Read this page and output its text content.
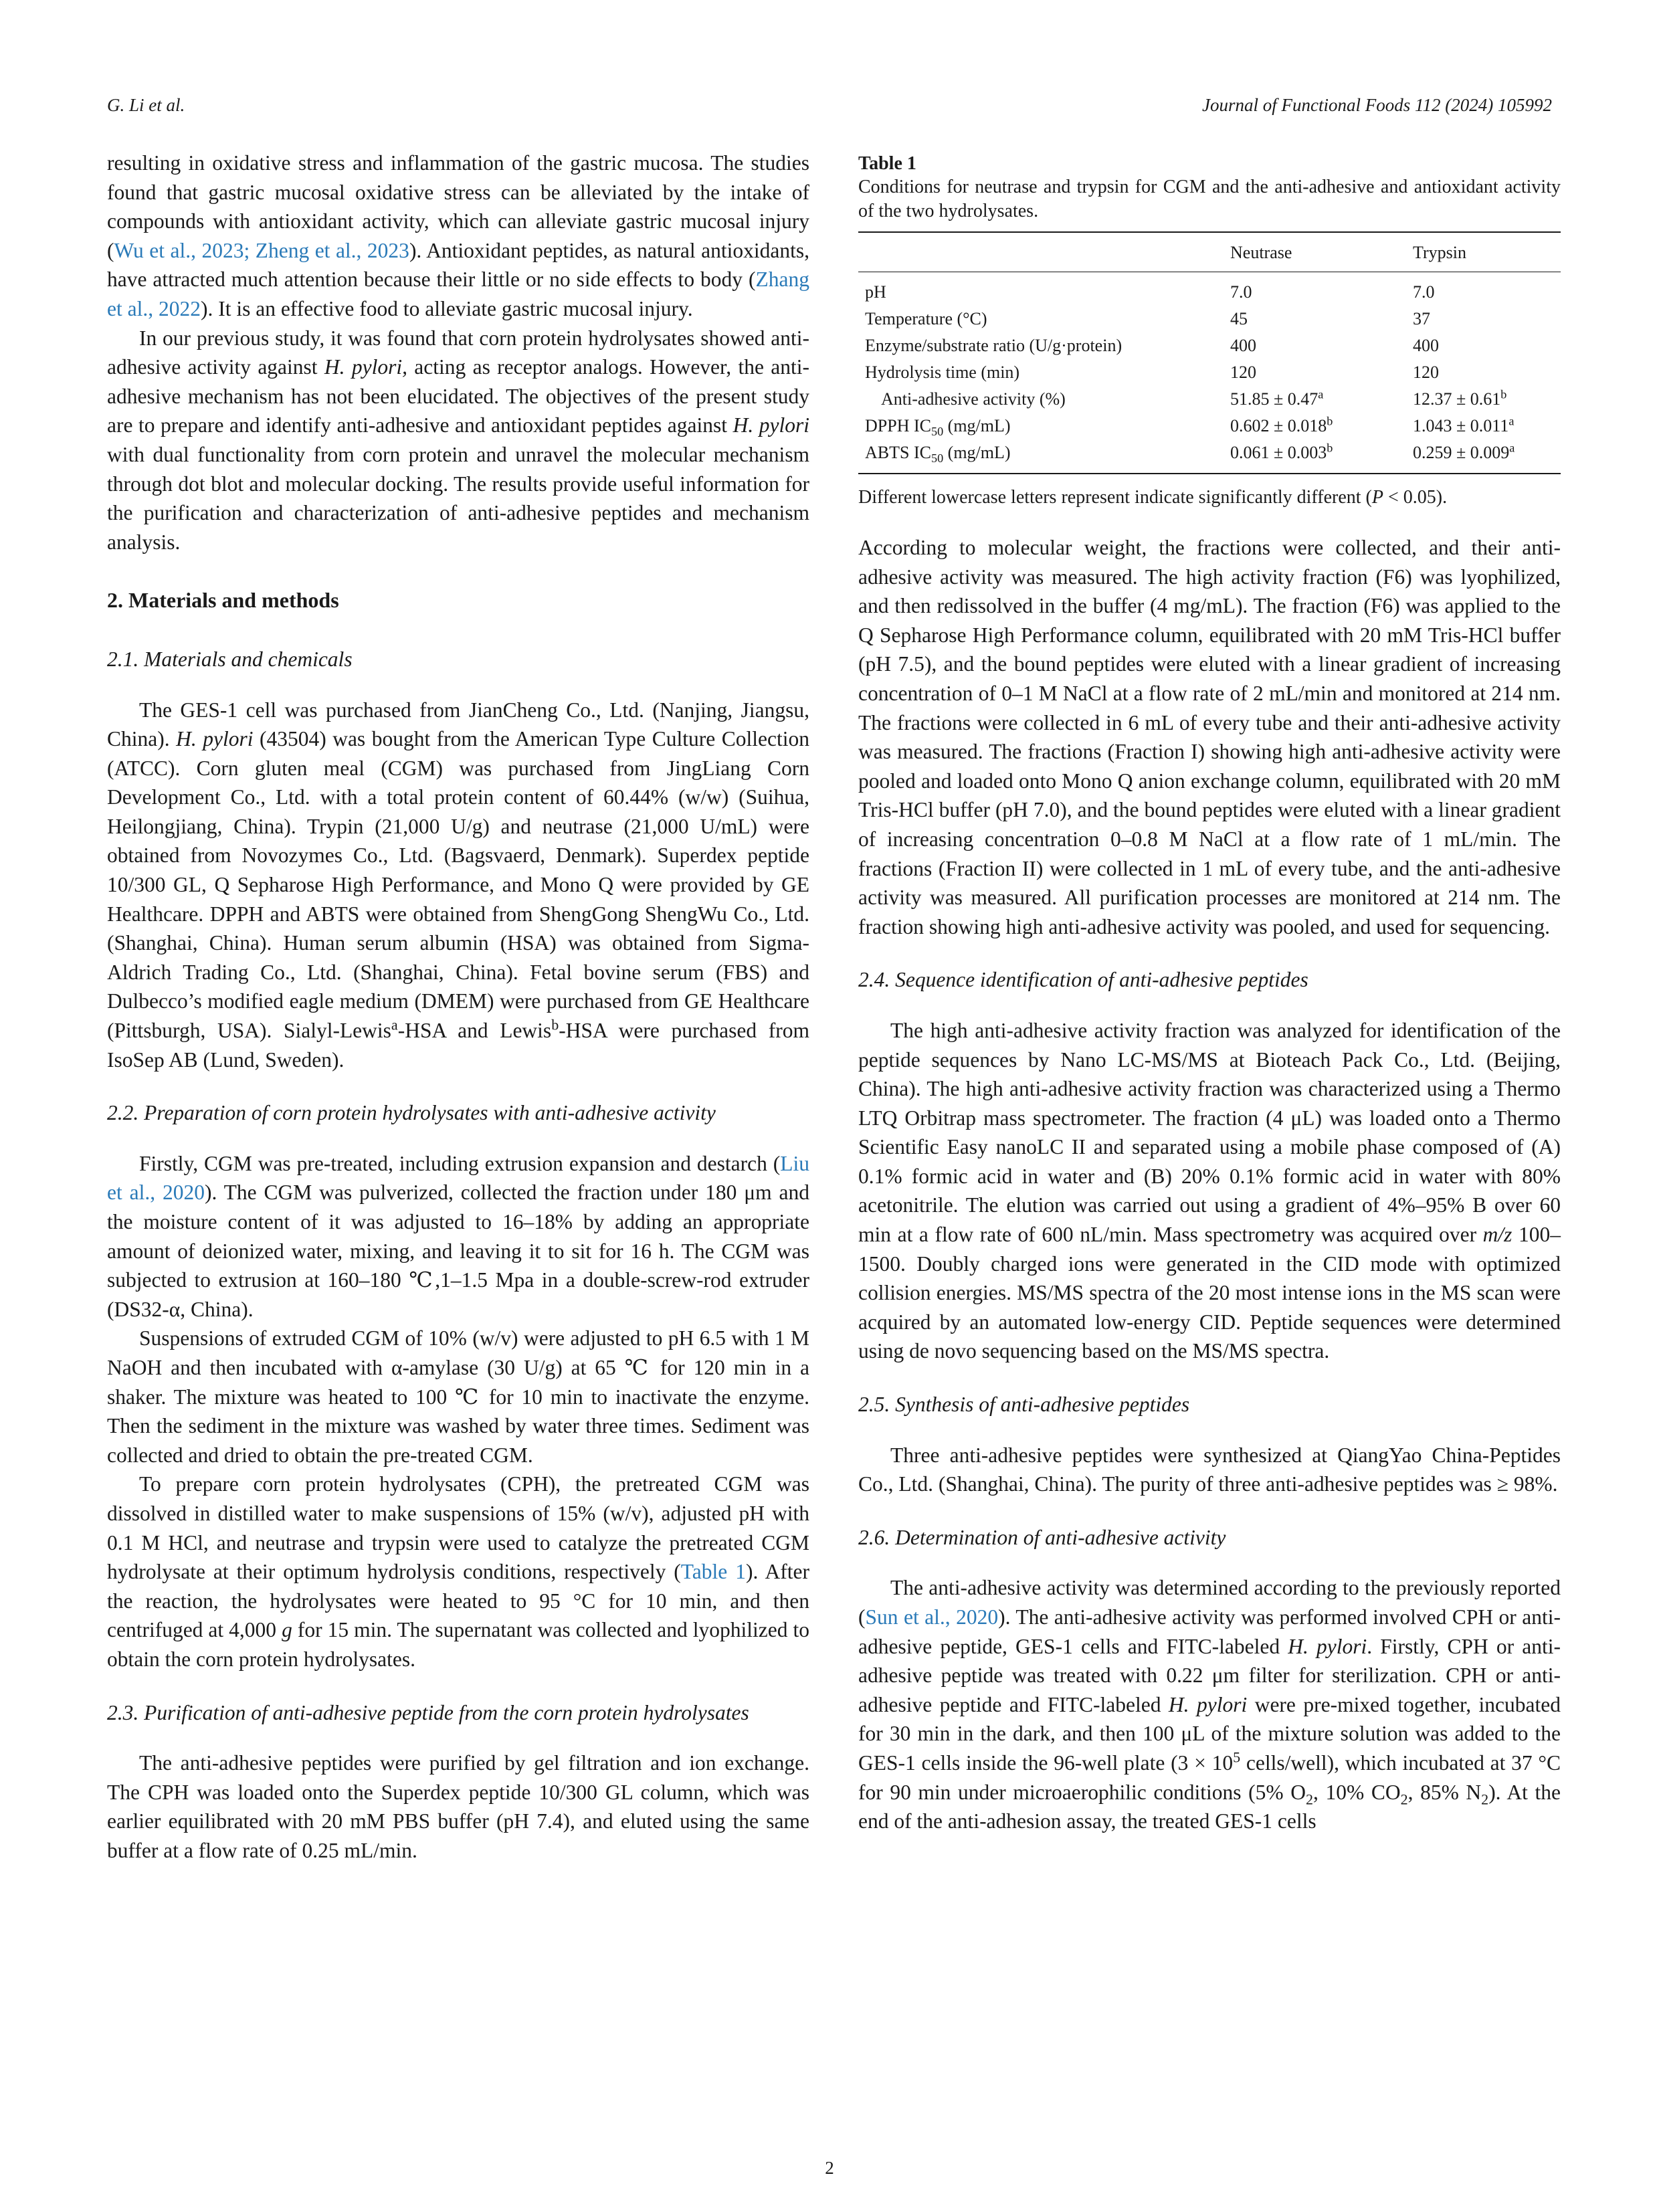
G. Li et al.	Journal of Functional Foods 112 (2024) 105992

resulting in oxidative stress and inflammation of the gastric mucosa. The studies found that gastric mucosal oxidative stress can be alleviated by the intake of compounds with antioxidant activity, which can alleviate gastric mucosal injury (Wu et al., 2023; Zheng et al., 2023). Antioxidant peptides, as natural antioxidants, have attracted much attention because their little or no side effects to body (Zhang et al., 2022). It is an effective food to alleviate gastric mucosal injury.

In our previous study, it was found that corn protein hydrolysates showed anti-adhesive activity against H. pylori, acting as receptor analogs. However, the anti-adhesive mechanism has not been elucidated. The objectives of the present study are to prepare and identify anti-adhesive and antioxidant peptides against H. pylori with dual functionality from corn protein and unravel the molecular mechanism through dot blot and molecular docking. The results provide useful information for the purification and characterization of anti-adhesive peptides and mechanism analysis.

2. Materials and methods
2.1. Materials and chemicals

The GES-1 cell was purchased from JianCheng Co., Ltd. (Nanjing, Jiangsu, China). H. pylori (43504) was bought from the American Type Culture Collection (ATCC). Corn gluten meal (CGM) was purchased from JingLiang Corn Development Co., Ltd. with a total protein content of 60.44% (w/w) (Suihua, Heilongjiang, China). Trypin (21,000 U/g) and neutrase (21,000 U/mL) were obtained from Novozymes Co., Ltd. (Bagsvaerd, Denmark). Superdex peptide 10/300 GL, Q Sepharose High Performance, and Mono Q were provided by GE Healthcare. DPPH and ABTS were obtained from ShengGong ShengWu Co., Ltd. (Shanghai, China). Human serum albumin (HSA) was obtained from Sigma-Aldrich Trading Co., Ltd. (Shanghai, China). Fetal bovine serum (FBS) and Dulbecco’s modified eagle medium (DMEM) were purchased from GE Healthcare (Pittsburgh, USA). Sialyl-Lewis$^a$-HSA and Lewis$^b$-HSA were purchased from IsoSep AB (Lund, Sweden).

2.2. Preparation of corn protein hydrolysates with anti-adhesive activity

Firstly, CGM was pre-treated, including extrusion expansion and destarch (Liu et al., 2020). The CGM was pulverized, collected the fraction under 180 μm and the moisture content of it was adjusted to 16–18% by adding an appropriate amount of deionized water, mixing, and leaving it to sit for 16 h. The CGM was subjected to extrusion at 160–180 ℃,1–1.5 Mpa in a double-screw-rod extruder (DS32-α, China).

Suspensions of extruded CGM of 10% (w/v) were adjusted to pH 6.5 with 1 M NaOH and then incubated with α-amylase (30 U/g) at 65 ℃ for 120 min in a shaker. The mixture was heated to 100 ℃ for 10 min to inactivate the enzyme. Then the sediment in the mixture was washed by water three times. Sediment was collected and dried to obtain the pre-treated CGM.

To prepare corn protein hydrolysates (CPH), the pretreated CGM was dissolved in distilled water to make suspensions of 15% (w/v), adjusted pH with 0.1 M HCl, and neutrase and trypsin were used to catalyze the pretreated CGM hydrolysate at their optimum hydrolysis conditions, respectively (Table 1). After the reaction, the hydrolysates were heated to 95 °C for 10 min, and then centrifuged at 4,000 g for 15 min. The supernatant was collected and lyophilized to obtain the corn protein hydrolysates.

2.3. Purification of anti-adhesive peptide from the corn protein hydrolysates

The anti-adhesive peptides were purified by gel filtration and ion exchange. The CPH was loaded onto the Superdex peptide 10/300 GL column, which was earlier equilibrated with 20 mM PBS buffer (pH 7.4), and eluted using the same buffer at a flow rate of 0.25 mL/min.

Table 1
Conditions for neutrase and trypsin for CGM and the anti-adhesive and antioxidant activity of the two hydrolysates.
	Neutrase	Trypsin
pH	7.0	7.0
Temperature (°C)	45	37
Enzyme/substrate ratio (U/g·protein)	400	400
Hydrolysis time (min)	120	120
Anti-adhesive activity (%)	51.85 ± 0.47$^a$	12.37 ± 0.61$^b$
DPPH $IC_{50}$ (mg/mL)	0.602 ± 0.018$^b$	1.043 ± 0.011$^a$
ABTS $IC_{50}$ (mg/mL)	0.061 ± 0.003$^b$	0.259 ± 0.009$^a$
Different lowercase letters represent indicate significantly different (P < 0.05).

According to molecular weight, the fractions were collected, and their anti-adhesive activity was measured. The high activity fraction (F6) was lyophilized, and then redissolved in the buffer (4 mg/mL). The fraction (F6) was applied to the Q Sepharose High Performance column, equilibrated with 20 mM Tris-HCl buffer (pH 7.5), and the bound peptides were eluted with a linear gradient of increasing concentration of 0–1 M NaCl at a flow rate of 2 mL/min and monitored at 214 nm. The fractions were collected in 6 mL of every tube and their anti-adhesive activity was measured. The fractions (Fraction I) showing high anti-adhesive activity were pooled and loaded onto Mono Q anion exchange column, equilibrated with 20 mM Tris-HCl buffer (pH 7.0), and the bound peptides were eluted with a linear gradient of increasing concentration 0–0.8 M NaCl at a flow rate of 1 mL/min. The fractions (Fraction II) were collected in 1 mL of every tube, and the anti-adhesive activity was measured. All purification processes are monitored at 214 nm. The fraction showing high anti-adhesive activity was pooled, and used for sequencing.

2.4. Sequence identification of anti-adhesive peptides

The high anti-adhesive activity fraction was analyzed for identification of the peptide sequences by Nano LC-MS/MS at Bioteach Pack Co., Ltd. (Beijing, China). The high anti-adhesive activity fraction was characterized using a Thermo LTQ Orbitrap mass spectrometer. The fraction (4 μL) was loaded onto a Thermo Scientific Easy nanoLC II and separated using a mobile phase composed of (A) 0.1% formic acid in water and (B) 20% 0.1% formic acid in water with 80% acetonitrile. The elution was carried out using a gradient of 4%–95% B over 60 min at a flow rate of 600 nL/min. Mass spectrometry was acquired over m/z 100–1500. Doubly charged ions were generated in the CID mode with optimized collision energies. MS/MS spectra of the 20 most intense ions in the MS scan were acquired by an automated low-energy CID. Peptide sequences were determined using de novo sequencing based on the MS/MS spectra.

2.5. Synthesis of anti-adhesive peptides

Three anti-adhesive peptides were synthesized at QiangYao China-Peptides Co., Ltd. (Shanghai, China). The purity of three anti-adhesive peptides was ≥ 98%.

2.6. Determination of anti-adhesive activity

The anti-adhesive activity was determined according to the previously reported (Sun et al., 2020). The anti-adhesive activity was performed involved CPH or anti-adhesive peptide, GES-1 cells and FITC-labeled H. pylori. Firstly, CPH or anti-adhesive peptide was treated with 0.22 μm filter for sterilization. CPH or anti-adhesive peptide and FITC-labeled H. pylori were pre-mixed together, incubated for 30 min in the dark, and then 100 μL of the mixture solution was added to the GES-1 cells inside the 96-well plate ($3 \times 10^5$ cells/well), which incubated at 37 °C for 90 min under microaerophilic conditions (5% $O_2$, 10% $CO_2$, 85% $N_2$). At the end of the anti-adhesion assay, the treated GES-1 cells

2
